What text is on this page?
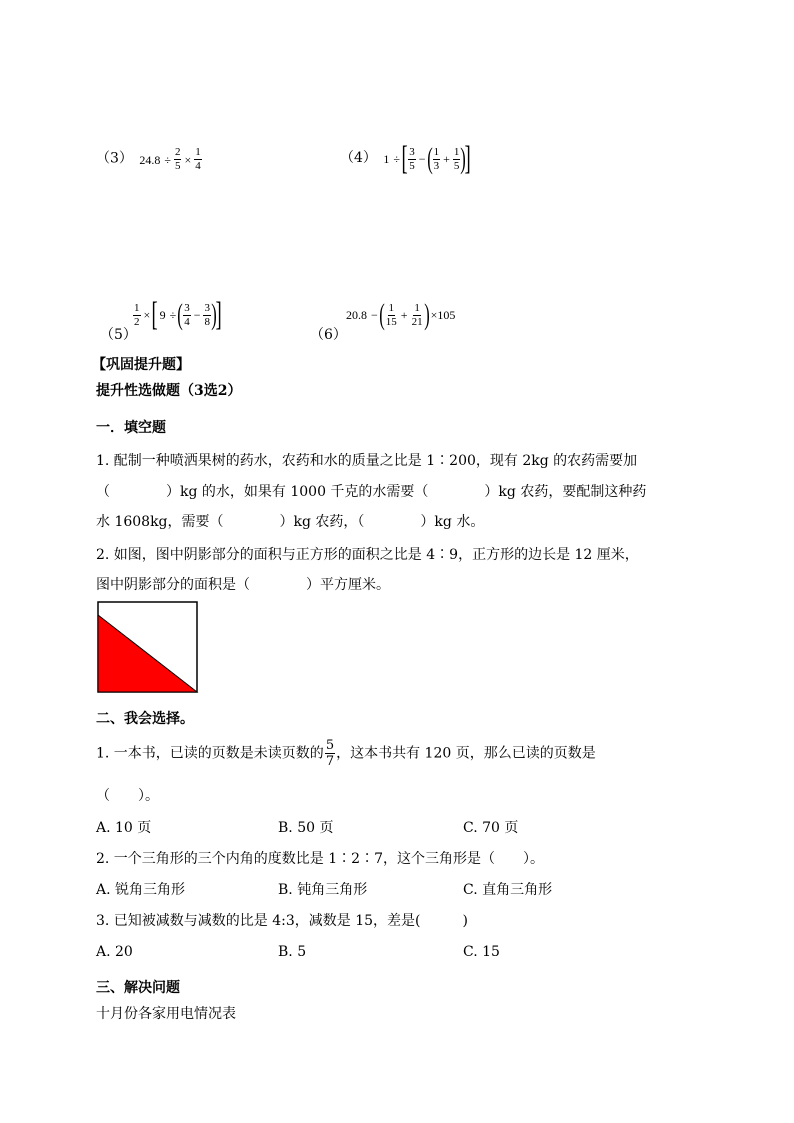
（3） $24.8 \div \frac{2}{5} \times \frac{1}{4}$	（4） 1 ÷[ $\frac{3}{5}$ −( $\frac{1}{3} + \frac{1}{5}$ )]
（5）
$\frac{1}{2}$ ×[ 9 ÷( $\frac{3}{4} - \frac{3}{8}$ )]
（6）
20.8 −( $\frac{1}{15} + \frac{1}{21} )\times 105$
【巩固提升题】
提升性选做题（3选2）
一．填空题
1. 配制一种喷洒果树的药水，农药和水的质量之比是 1∶200，现有 2kg 的农药需要加
（　　　　）kg 的水，如果有 1000 千克的水需要（　　　　）kg 农药，要配制这种药
水 1608kg，需要（　　　　）kg 农药，（　　　　）kg 水。
2. 如图，图中阴影部分的面积与正方形的面积之比是 4∶9，正方形的边长是 12 厘米，
图中阴影部分的面积是（　　　　）平方厘米。
二、我会选择。
1. 一本书，已读的页数是未读页数的 $\frac{5}{7}$ ，这本书共有 120 页，那么已读的页数是
（　　）。
A. 10 页	B. 50 页	C. 70 页
2. 一个三角形的三个内角的度数比是 1∶2∶7，这个三角形是（　　）。
A. 锐角三角形	B. 钝角三角形	C. 直角三角形
3. 已知被减数与减数的比是 4:3，减数是 15，差是(　　　)
A. 20	B. 5	C. 15
三、解决问题
十月份各家用电情况表
